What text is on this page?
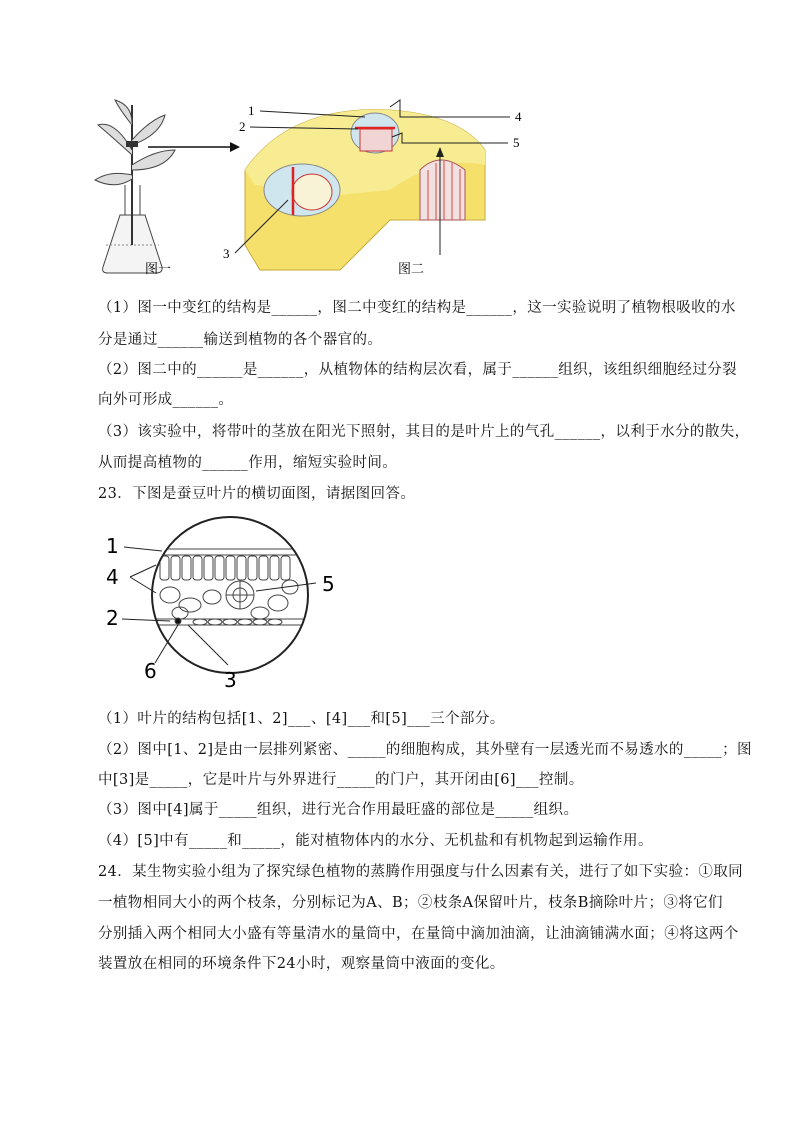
1
2
3
4
5
图一	图二
（1）图一中变红的结构是______，图二中变红的结构是______，这一实验说明了植物根吸收的水
分是通过______输送到植物的各个器官的。
（2）图二中的______是______，从植物体的结构层次看，属于______组织，该组织细胞经过分裂
向外可形成______。
（3）该实验中，将带叶的茎放在阳光下照射，其目的是叶片上的气孔______，以利于水分的散失，
从而提高植物的______作用，缩短实验时间。
23．下图是蚕豆叶片的横切面图，请据图回答。
1
4
2
6	3
5
（1）叶片的结构包括[1、2]___、[4]___和[5]___三个部分。
（2）图中[1、2]是由一层排列紧密、_____的细胞构成，其外壁有一层透光而不易透水的_____；图
中[3]是_____，它是叶片与外界进行_____的门户，其开闭由[6]___控制。
（3）图中[4]属于_____组织，进行光合作用最旺盛的部位是_____组织。
（4）[5]中有_____和_____，能对植物体内的水分、无机盐和有机物起到运输作用。
24．某生物实验小组为了探究绿色植物的蒸腾作用强度与什么因素有关，进行了如下实验：①取同
一植物相同大小的两个枝条，分别标记为A、B；②枝条A保留叶片，枝条B摘除叶片；③将它们
分别插入两个相同大小盛有等量清水的量筒中，在量筒中滴加油滴，让油滴铺满水面；④将这两个
装置放在相同的环境条件下24小时，观察量筒中液面的变化。
